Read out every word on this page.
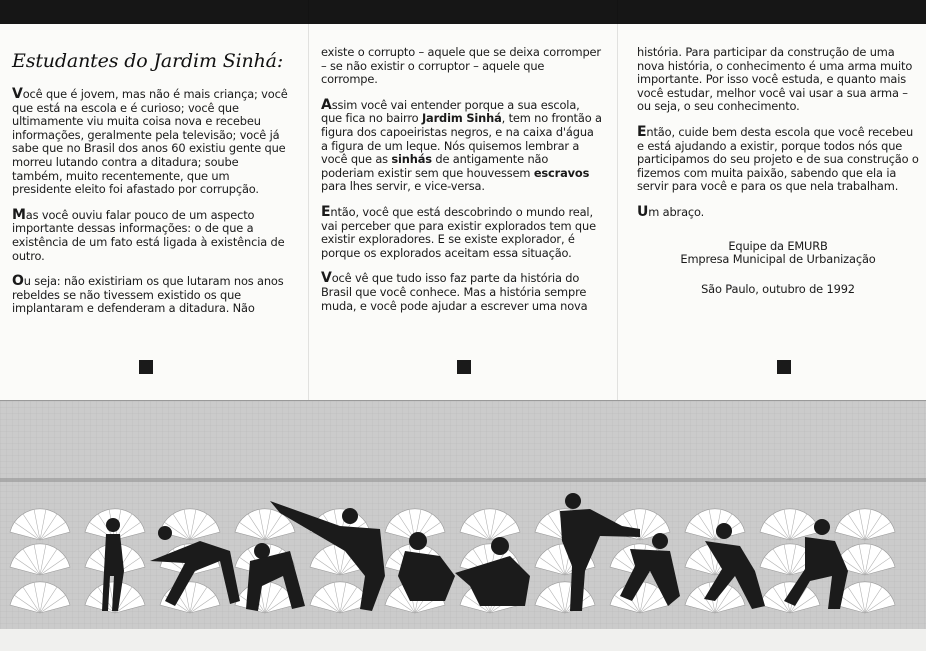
Estudantes do Jardim Sinhá:

Você que é jovem, mas não é mais criança; você que está na escola e é curioso; você que ultimamente viu muita coisa nova e recebeu informações, geralmente pela televisão; você já sabe que no Brasil dos anos 60 existiu gente que morreu lutando contra a ditadura; soube também, muito recentemente, que um presidente eleito foi afastado por corrupção.

Mas você ouviu falar pouco de um aspecto importante dessas informações: o de que a existência de um fato está ligada à existência de outro.

Ou seja: não existiriam os que lutaram nos anos rebeldes se não tivessem existido os que implantaram e defenderam a ditadura. Não

existe o corrupto – aquele que se deixa corromper – se não existir o corruptor – aquele que corrompe.

Assim você vai entender porque a sua escola, que fica no bairro Jardim Sinhá, tem no frontão a figura dos capoeiristas negros, e na caixa d'água a figura de um leque. Nós quisemos lembrar a você que as sinhás de antigamente não poderiam existir sem que houvessem escravos para lhes servir, e vice-versa.

Então, você que está descobrindo o mundo real, vai perceber que para existir explorados tem que existir exploradores. E se existe explorador, é porque os explorados aceitam essa situação.

Você vê que tudo isso faz parte da história do Brasil que você conhece. Mas a história sempre muda, e você pode ajudar a escrever uma nova

história. Para participar da construção de uma nova história, o conhecimento é uma arma muito importante. Por isso você estuda, e quanto mais você estudar, melhor você vai usar a sua arma – ou seja, o seu conhecimento.

Então, cuide bem desta escola que você recebeu e está ajudando a existir, porque todos nós que participamos do seu projeto e de sua construção o fizemos com muita paixão, sabendo que ela ia servir para você e para os que nela trabalham.

Um abraço.

Equipe da EMURB
Empresa Municipal de Urbanização
São Paulo, outubro de 1992
